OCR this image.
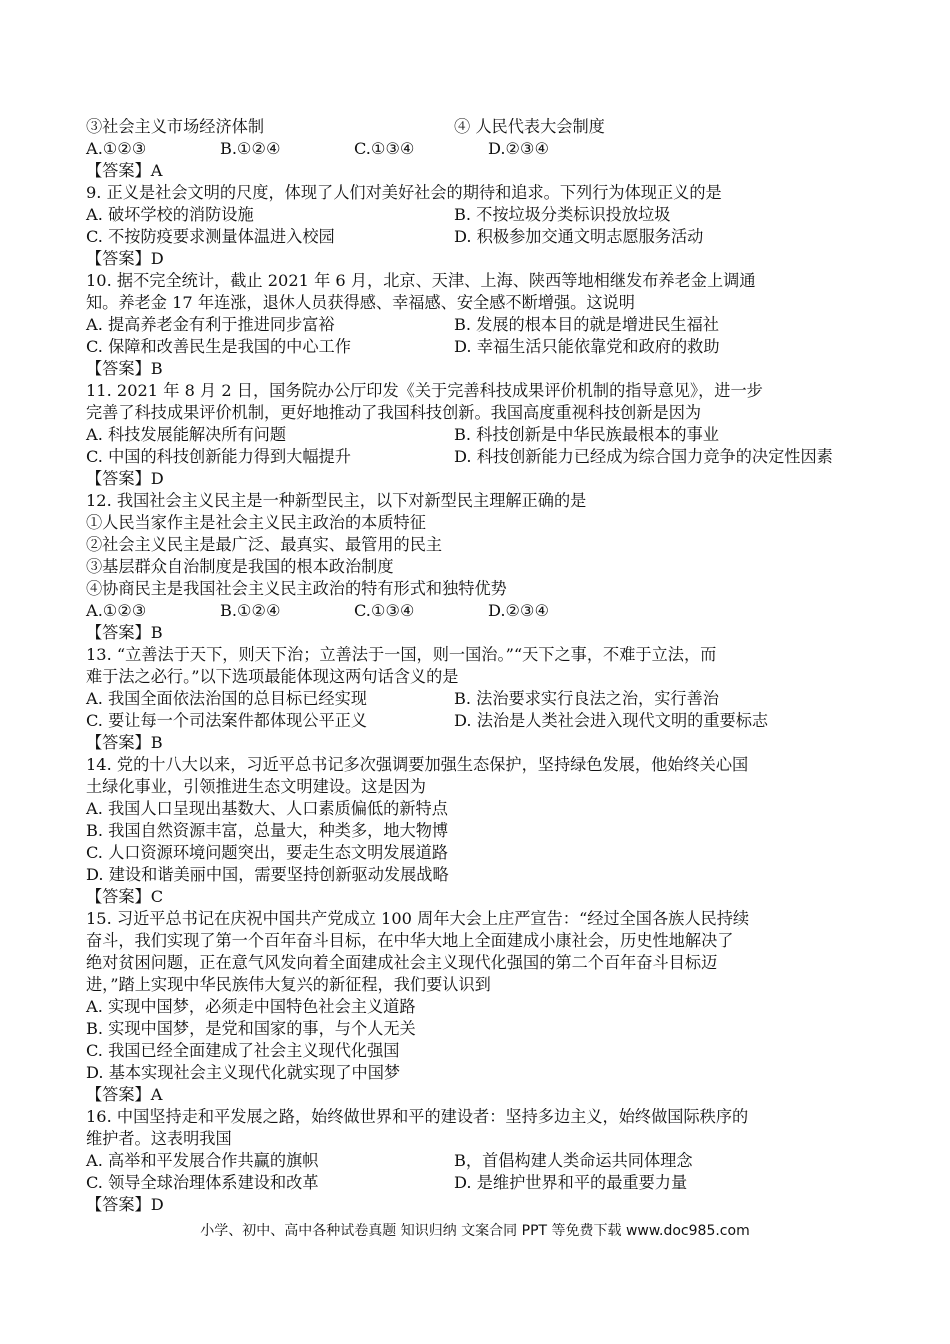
③社会主义市场经济体制	④ 人民代表大会制度
A.①②③	B.①②④	C.①③④	D.②③④
【答案】A
9. 正义是社会文明的尺度，体现了人们对美好社会的期待和追求。下列行为体现正义的是
A. 破坏学校的消防设施	B. 不按垃圾分类标识投放垃圾
C. 不按防疫要求测量体温进入校园	D. 积极参加交通文明志愿服务活动
【答案】D
10. 据不完全统计，截止 2021 年 6 月，北京、天津、上海、陕西等地相继发布养老金上调通
知。养老金 17 年连涨，退休人员获得感、幸福感、安全感不断增强。这说明
A. 提高养老金有利于推进同步富裕	B. 发展的根本目的就是增进民生福社
C. 保障和改善民生是我国的中心工作	D. 幸福生活只能依靠党和政府的救助
【答案】B
11. 2021 年 8 月 2 日，国务院办公厅印发《关于完善科技成果评价机制的指导意见》，进一步
完善了科技成果评价机制，更好地推动了我国科技创新。我国高度重视科技创新是因为
A. 科技发展能解决所有问题	B. 科技创新是中华民族最根本的事业
C. 中国的科技创新能力得到大幅提升	D. 科技创新能力已经成为综合国力竞争的决定性因素
【答案】D
12. 我国社会主义民主是一种新型民主，以下对新型民主理解正确的是
①人民当家作主是社会主义民主政治的本质特征
②社会主义民主是最广泛、最真实、最管用的民主
③基层群众自治制度是我国的根本政治制度
④协商民主是我国社会主义民主政治的特有形式和独特优势
A.①②③	B.①②④	C.①③④	D.②③④
【答案】B
13. “立善法于天下，则天下治；立善法于一国，则一国治。”“天下之事，不难于立法，而
难于法之必行。”以下选项最能体现这两句话含义的是
A. 我国全面依法治国的总目标已经实现	B. 法治要求实行良法之治，实行善治
C. 要让每一个司法案件都体现公平正义	D. 法治是人类社会进入现代文明的重要标志
【答案】B
14. 党的十八大以来，习近平总书记多次强调要加强生态保护，坚持绿色发展，他始终关心国
土绿化事业，引领推进生态文明建设。这是因为
A. 我国人口呈现出基数大、人口素质偏低的新特点
B. 我国自然资源丰富，总量大，种类多，地大物博
C. 人口资源环境问题突出，要走生态文明发展道路
D. 建设和谐美丽中国，需要坚持创新驱动发展战略
【答案】C
15. 习近平总书记在庆祝中国共产党成立 100 周年大会上庄严宣告：“经过全国各族人民持续
奋斗，我们实现了第一个百年奋斗目标，在中华大地上全面建成小康社会，历史性地解决了
绝对贫困问题，正在意气风发向着全面建成社会主义现代化强国的第二个百年奋斗目标迈
进，”踏上实现中华民族伟大复兴的新征程，我们要认识到
A. 实现中国梦，必须走中国特色社会主义道路
B. 实现中国梦，是党和国家的事，与个人无关
C. 我国已经全面建成了社会主义现代化强国
D. 基本实现社会主义现代化就实现了中国梦
【答案】A
16. 中国坚持走和平发展之路，始终做世界和平的建设者：坚持多边主义，始终做国际秩序的
维护者。这表明我国
A. 高举和平发展合作共赢的旗帜	B，首倡构建人类命运共同体理念
C. 领导全球治理体系建设和改革	D. 是维护世界和平的最重要力量
【答案】D
小学、初中、高中各种试卷真题 知识归纳 文案合同 PPT 等免费下载 www.doc985.com
